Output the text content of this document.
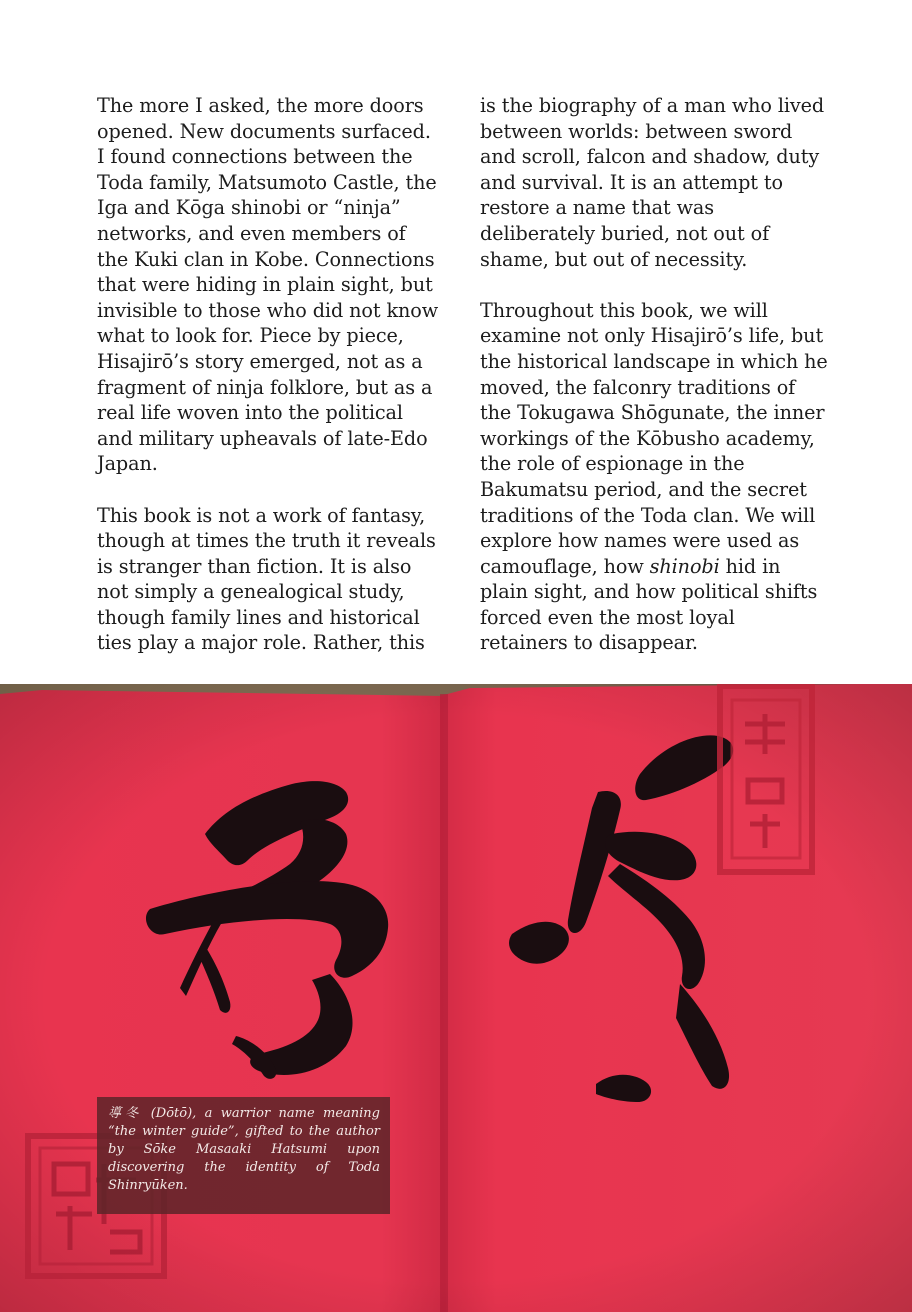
The more I asked, the more doors opened. New documents surfaced. I found connections between the Toda family, Matsumoto Castle, the Iga and Kōga shinobi or “ninja” networks, and even members of the Kuki clan in Kobe. Connections that were hiding in plain sight, but invisible to those who did not know what to look for. Piece by piece, Hisajirō’s story emerged, not as a fragment of ninja folklore, but as a real life woven into the political and military upheavals of late-Edo Japan.

This book is not a work of fantasy, though at times the truth it reveals is stranger than fiction. It is also not simply a genealogical study, though family lines and historical ties play a major role. Rather, this

is the biography of a man who lived between worlds: between sword and scroll, falcon and shadow, duty and survival. It is an attempt to restore a name that was deliberately buried, not out of shame, but out of necessity.

Throughout this book, we will examine not only Hisajirō’s life, but the historical landscape in which he moved, the falconry traditions of the Tokugawa Shōgunate, the inner workings of the Kōbusho academy, the role of espionage in the Bakumatsu period, and the secret traditions of the Toda clan. We will explore how names were used as camouflage, how shinobi hid in plain sight, and how political shifts forced even the most loyal retainers to disappear.

導冬 (Dōtō), a warrior name meaning “the winter guide”, gifted to the author by Sōke Masaaki Hatsumi upon discovering the identity of Toda Shinryūken.
